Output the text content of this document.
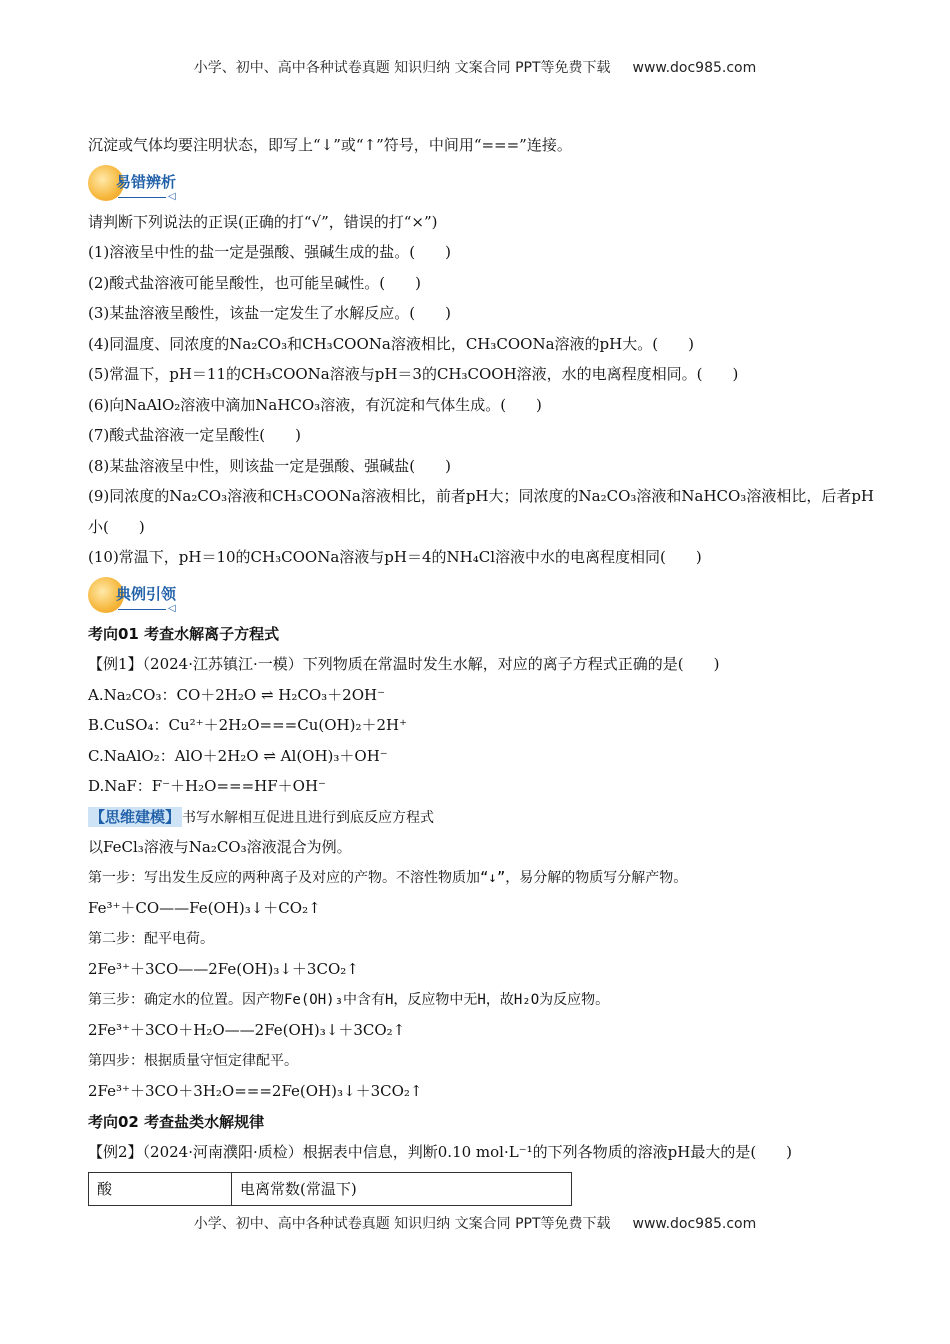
小学、初中、高中各种试卷真题 知识归纳 文案合同 PPT等免费下载 www.doc985.com
沉淀或气体均要注明状态，即写上“↓”或“↑”符号，中间用“===”连接。
易错辨析
◁
请判断下列说法的正误(正确的打“√”，错误的打“×”)
(1)溶液呈中性的盐一定是强酸、强碱生成的盐。(　　)
(2)酸式盐溶液可能呈酸性，也可能呈碱性。(　　)
(3)某盐溶液呈酸性，该盐一定发生了水解反应。(　　)
(4)同温度、同浓度的Na₂CO₃和CH₃COONa溶液相比，CH₃COONa溶液的pH大。(　　)
(5)常温下，pH＝11的CH₃COONa溶液与pH＝3的CH₃COOH溶液，水的电离程度相同。(　　)
(6)向NaAlO₂溶液中滴加NaHCO₃溶液，有沉淀和气体生成。(　　)
(7)酸式盐溶液一定呈酸性(　　)
(8)某盐溶液呈中性，则该盐一定是强酸、强碱盐(　　)
(9)同浓度的Na₂CO₃溶液和CH₃COONa溶液相比，前者pH大；同浓度的Na₂CO₃溶液和NaHCO₃溶液相比，后者pH小(　　)
(10)常温下，pH＝10的CH₃COONa溶液与pH＝4的NH₄Cl溶液中水的电离程度相同(　　)
典例引领
◁
考向01 考查水解离子方程式
【例1】（2024·江苏镇江·一模）下列物质在常温时发生水解，对应的离子方程式正确的是(　　)
A.Na₂CO₃：CO＋2H₂O ⇌ H₂CO₃＋2OH⁻
B.CuSO₄：Cu²⁺＋2H₂O===Cu(OH)₂＋2H⁺
C.NaAlO₂：AlO＋2H₂O ⇌ Al(OH)₃＋OH⁻
D.NaF：F⁻＋H₂O===HF＋OH⁻
【思维建模】 书写水解相互促进且进行到底反应方程式
以FeCl₃溶液与Na₂CO₃溶液混合为例。
第一步：写出发生反应的两种离子及对应的产物。不溶性物质加“↓”，易分解的物质写分解产物。
Fe³⁺＋CO——Fe(OH)₃↓＋CO₂↑
第二步：配平电荷。
2Fe³⁺＋3CO——2Fe(OH)₃↓＋3CO₂↑
第三步：确定水的位置。因产物Fe(OH)₃中含有H，反应物中无H，故H₂O为反应物。
2Fe³⁺＋3CO＋H₂O——2Fe(OH)₃↓＋3CO₂↑
第四步：根据质量守恒定律配平。
2Fe³⁺＋3CO＋3H₂O===2Fe(OH)₃↓＋3CO₂↑
考向02 考查盐类水解规律
【例2】（2024·河南濮阳·质检）根据表中信息，判断0.10 mol·L⁻¹的下列各物质的溶液pH最大的是(　　)
酸	电离常数(常温下)
小学、初中、高中各种试卷真题 知识归纳 文案合同 PPT等免费下载 www.doc985.com
